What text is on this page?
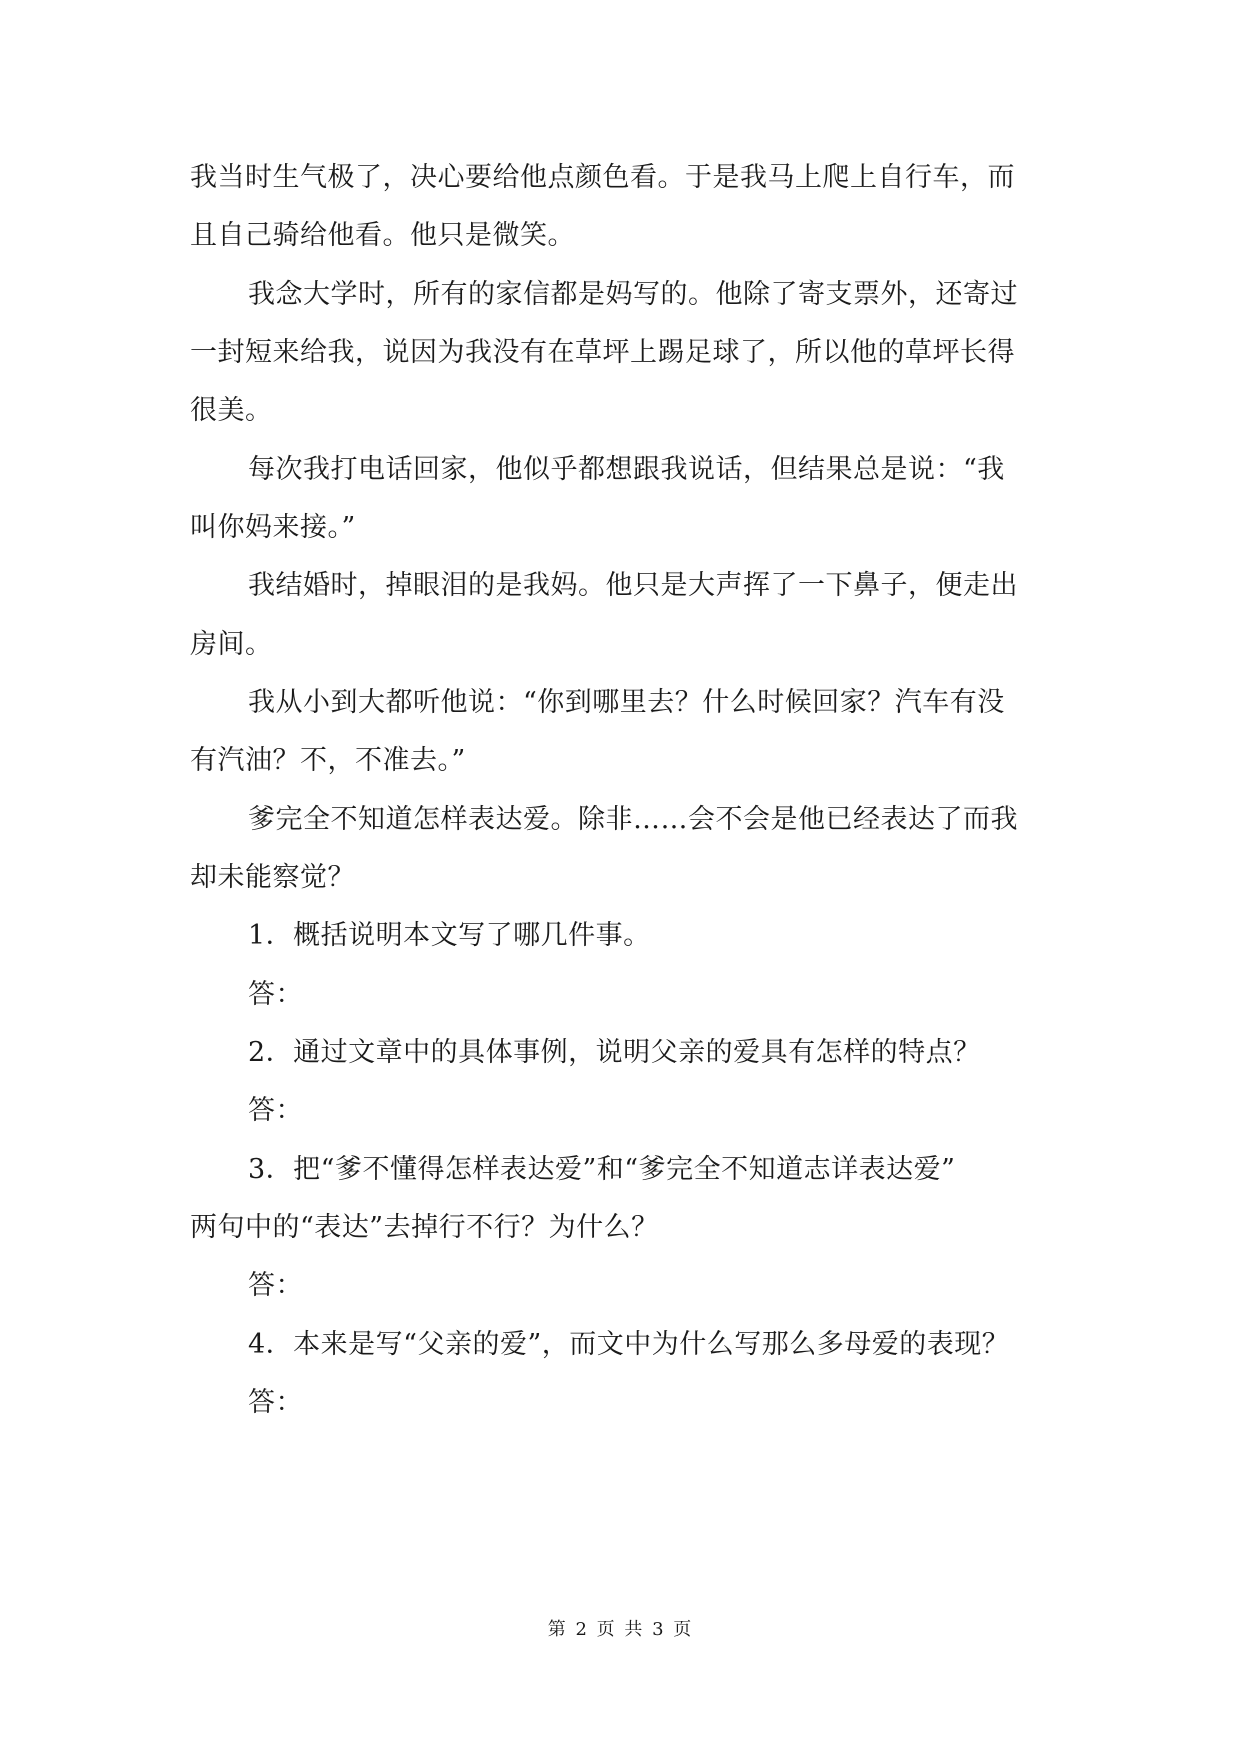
我当时生气极了，决心要给他点颜色看。于是我马上爬上自行车，而
且自己骑给他看。他只是微笑。
我念大学时，所有的家信都是妈写的。他除了寄支票外，还寄过
一封短来给我，说因为我没有在草坪上踢足球了，所以他的草坪长得
很美。
每次我打电话回家，他似乎都想跟我说话，但结果总是说：“我
叫你妈来接。”
我结婚时，掉眼泪的是我妈。他只是大声挥了一下鼻子，便走出
房间。
我从小到大都听他说：“你到哪里去？什么时候回家？汽车有没
有汽油？不，不准去。”
爹完全不知道怎样表达爱。除非……会不会是他已经表达了而我
却未能察觉？
1．概括说明本文写了哪几件事。
答：
2．通过文章中的具体事例，说明父亲的爱具有怎样的特点？
答：
3．把“爹不懂得怎样表达爱”和“爹完全不知道志详表达爱”
两句中的“表达”去掉行不行？为什么？
答：
4．本来是写“父亲的爱”，而文中为什么写那么多母爱的表现？
答：
第 2 页 共 3 页
